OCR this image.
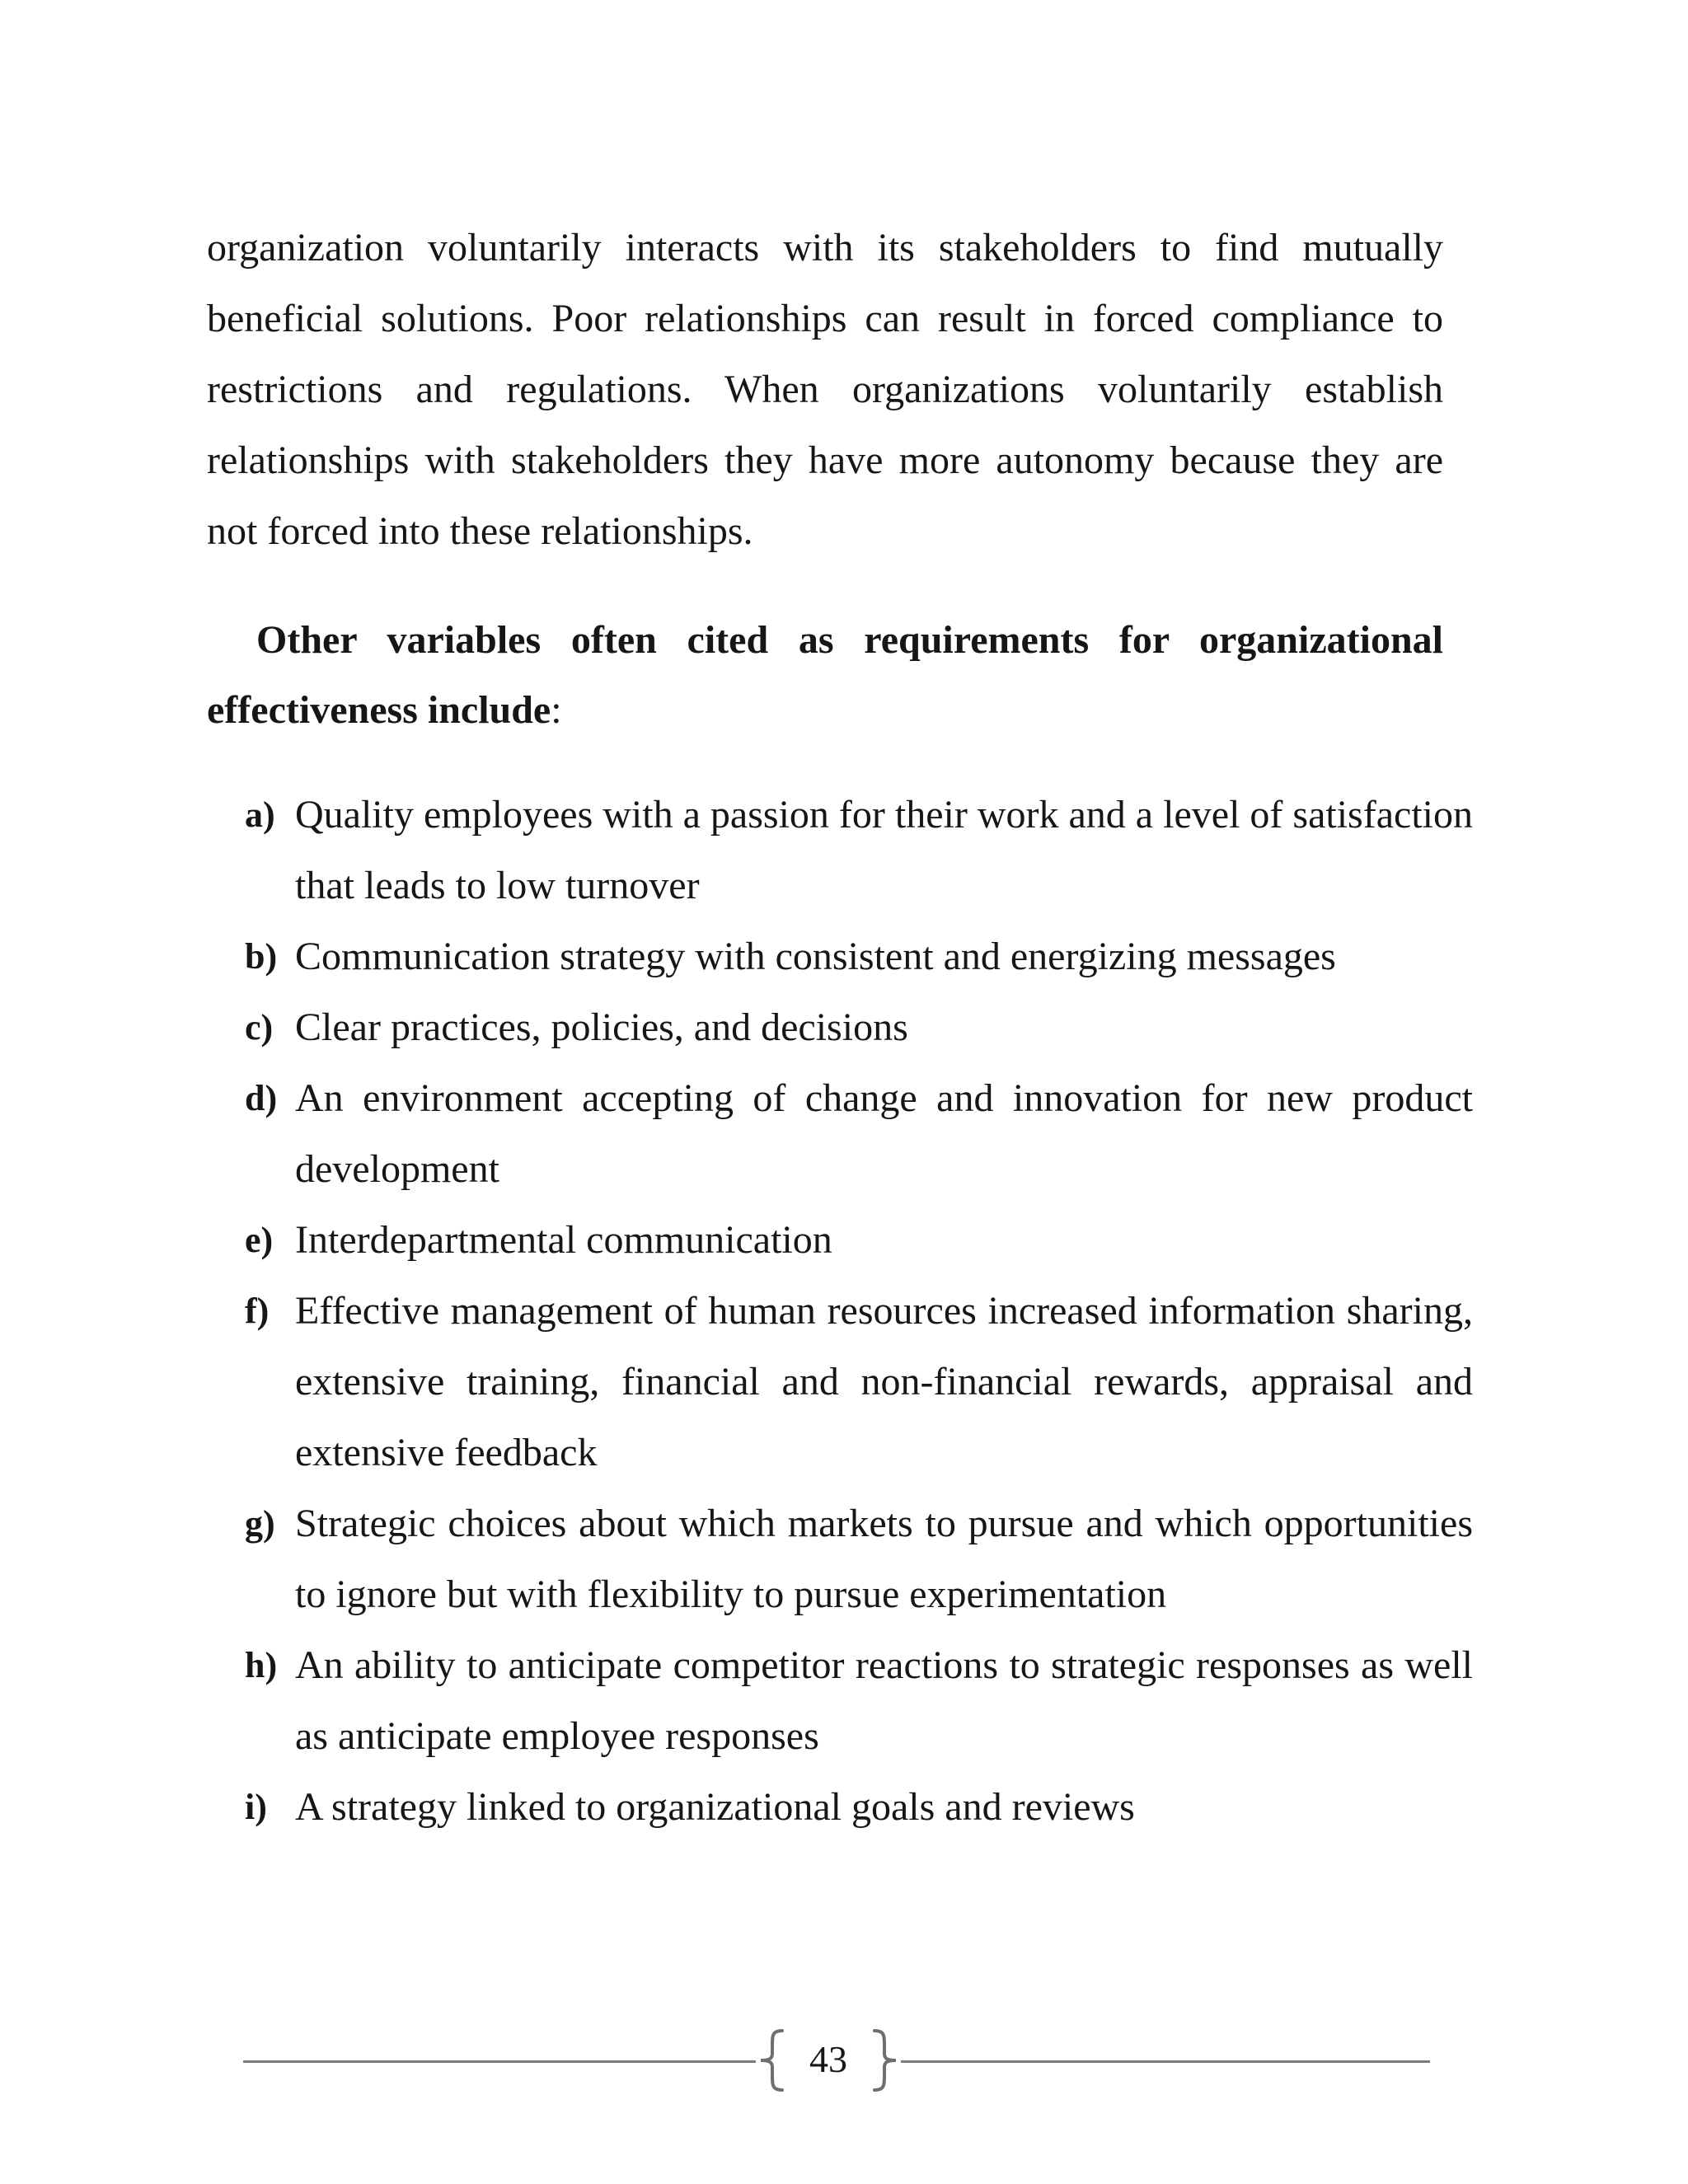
organization voluntarily interacts with its stakeholders to find mutually beneficial solutions. Poor relationships can result in forced compliance to restrictions and regulations. When organizations voluntarily establish relationships with stakeholders they have more autonomy because they are not forced into these relationships.

Other variables often cited as requirements for organizational effectiveness include:

a) Quality employees with a passion for their work and a level of satisfaction that leads to low turnover
b) Communication strategy with consistent and energizing messages
c) Clear practices, policies, and decisions
d) An environment accepting of change and innovation for new product development
e) Interdepartmental communication
f) Effective management of human resources increased information sharing, extensive training, financial and non-financial rewards, appraisal and extensive feedback
g) Strategic choices about which markets to pursue and which opportunities to ignore but with flexibility to pursue experimentation
h) An ability to anticipate competitor reactions to strategic responses as well as anticipate employee responses
i) A strategy linked to organizational goals and reviews
43
